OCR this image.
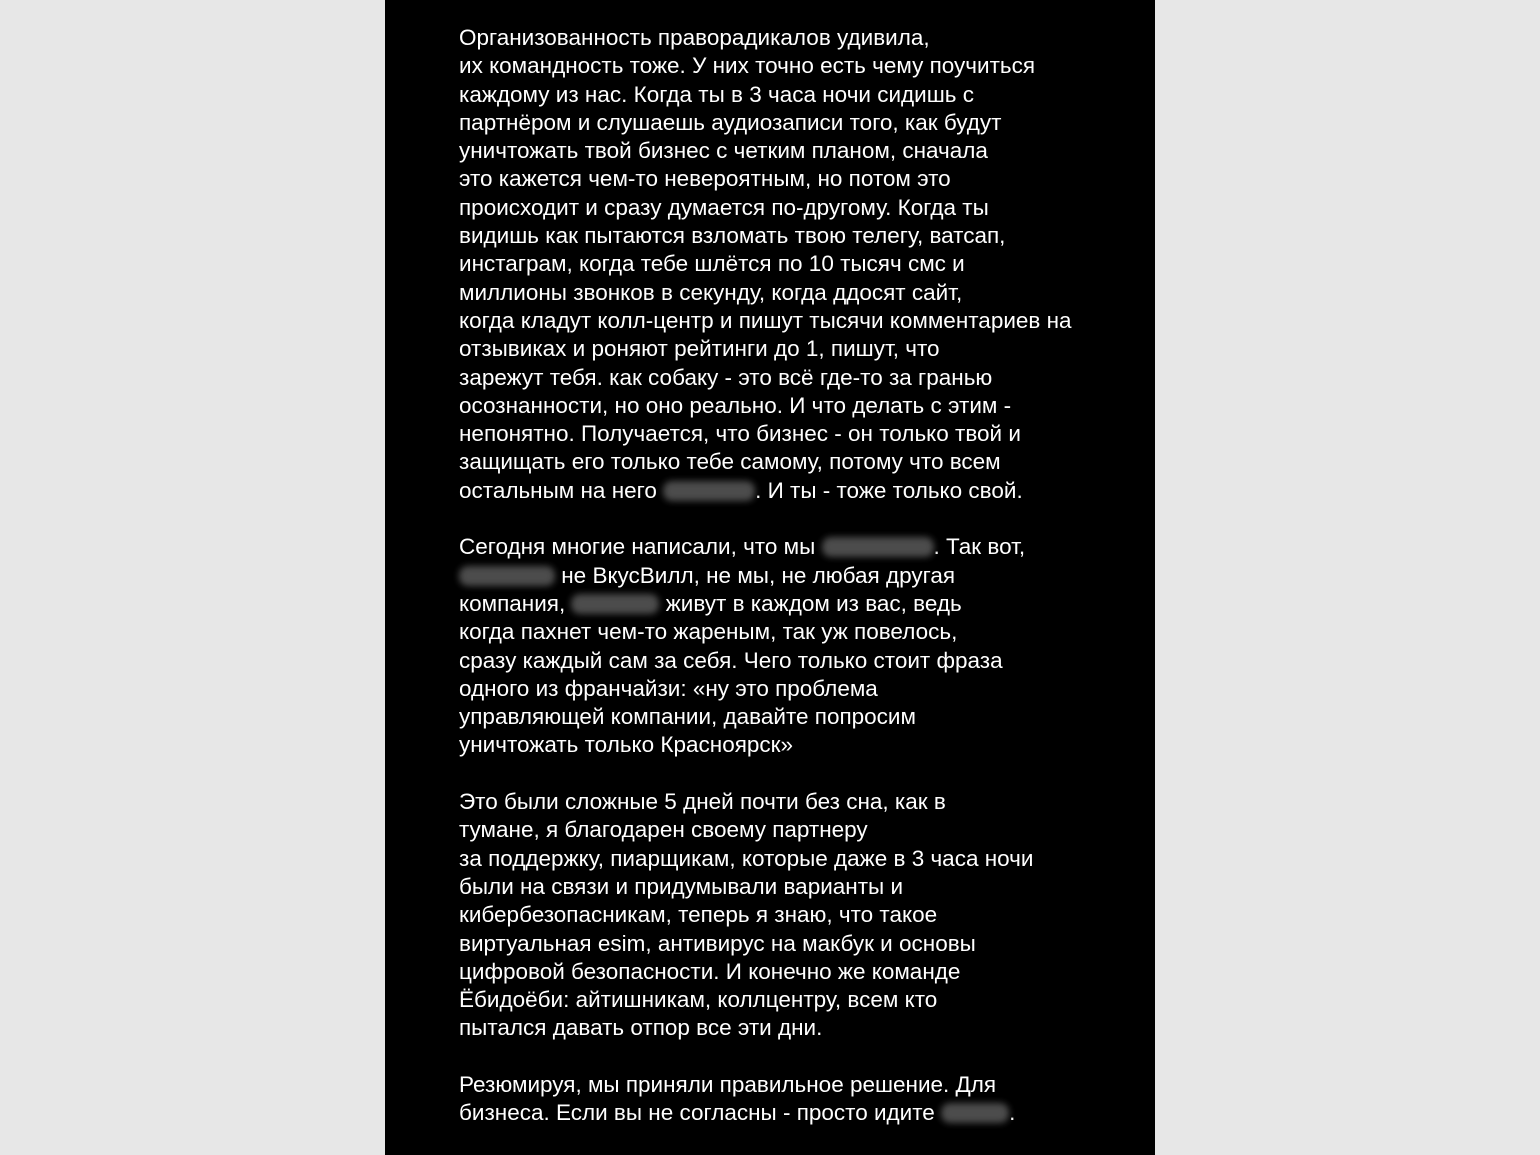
Организованность праворадикалов удивила,
их командность тоже. У них точно есть чему поучиться
каждому из нас. Когда ты в 3 часа ночи сидишь с
партнёром и слушаешь аудиозаписи того, как будут
уничтожать твой бизнес с четким планом, сначала
это кажется чем-то невероятным, но потом это
происходит и сразу думается по-другому. Когда ты
видишь как пытаются взломать твою телегу, ватсап,
инстаграм, когда тебе шлётся по 10 тысяч смс и
миллионы звонков в секунду, когда ддосят сайт,
когда кладут колл-центр и пишут тысячи комментариев на
отзывиках и роняют рейтинги до 1, пишут, что
зарежут тебя. как собаку - это всё где-то за гранью
осознанности, но оно реально. И что делать с этим -
непонятно. Получается, что бизнес - он только твой и
защищать его только тебе самому, потому что всем
остальным на него	. И ты - тоже только свой.
Сегодня многие написали, что мы	. Так вот,
не ВкусВилл, не мы, не любая другая
компания,	живут в каждом из вас, ведь
когда пахнет чем-то жареным, так уж повелось,
сразу каждый сам за себя. Чего только стоит фраза
одного из франчайзи: «ну это проблема
управляющей компании, давайте попросим
уничтожать только Красноярск»
Это были сложные 5 дней почти без сна, как в
тумане, я благодарен своему партнеру
за поддержку, пиарщикам, которые даже в 3 часа ночи
были на связи и придумывали варианты и
кибербезопасникам, теперь я знаю, что такое
виртуальная esim, антивирус на макбук и основы
цифровой безопасности. И конечно же команде
Ёбидоёби: айтишникам, коллцентру, всем кто
пытался давать отпор все эти дни.
Резюмируя, мы приняли правильное решение. Для
бизнеса. Если вы не согласны - просто идите	.
